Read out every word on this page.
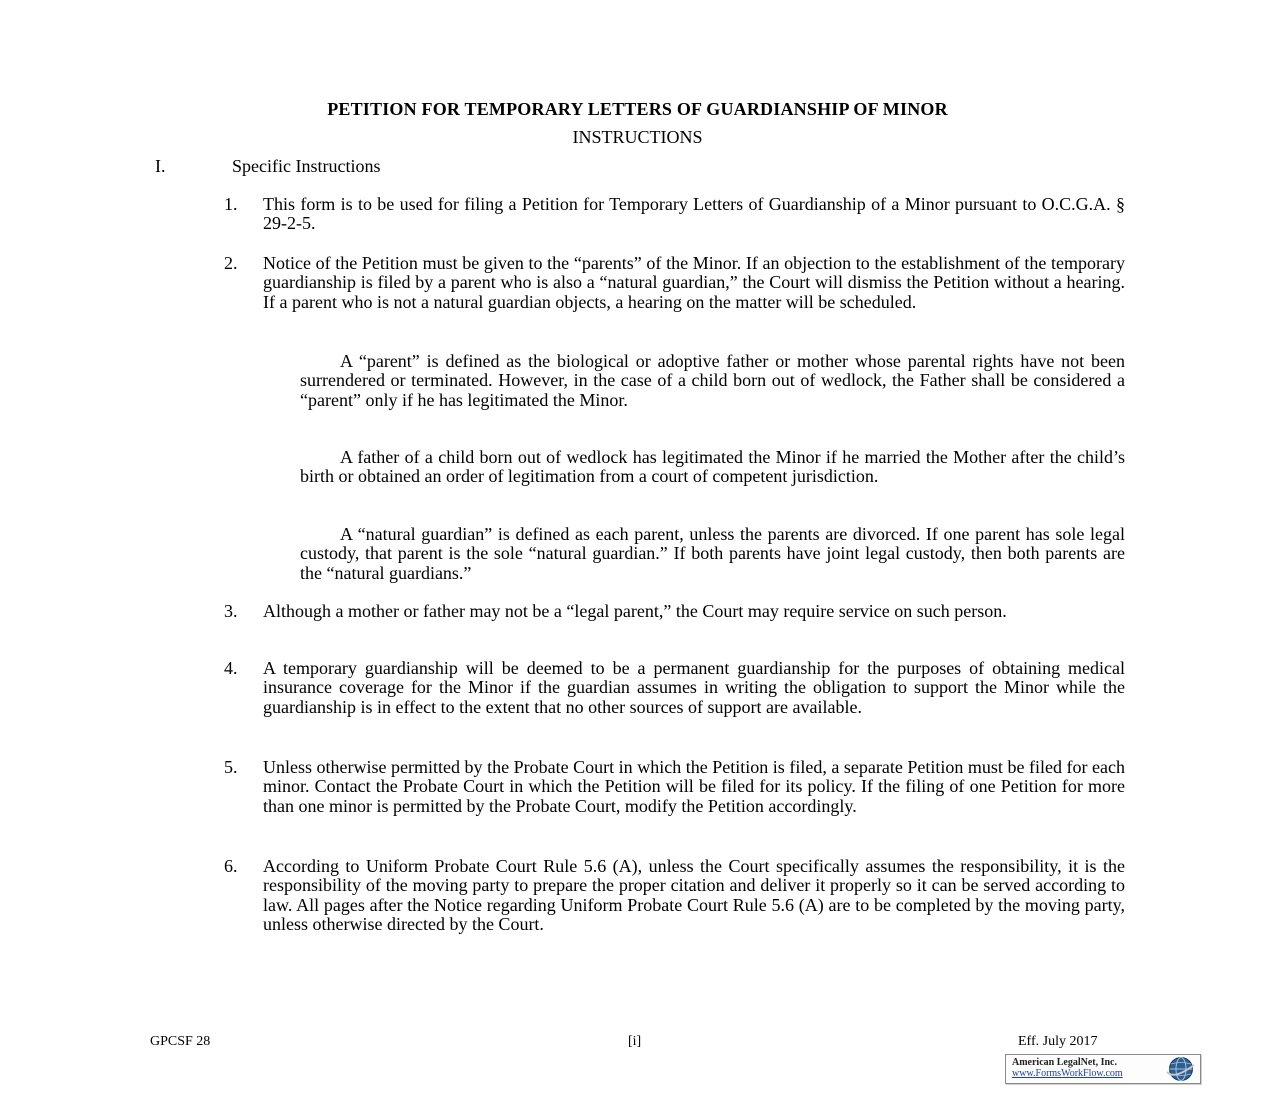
PETITION FOR TEMPORARY LETTERS OF GUARDIANSHIP OF MINOR
INSTRUCTIONS
I.	Specific Instructions
1.	This form is to be used for filing a Petition for Temporary Letters of Guardianship of a Minor pursuant to O.C.G.A. § 29-2-5.
2.	Notice of the Petition must be given to the “parents” of the Minor. If an objection to the establishment of the temporary guardianship is filed by a parent who is also a “natural guardian,” the Court will dismiss the Petition without a hearing. If a parent who is not a natural guardian objects, a hearing on the matter will be scheduled.
A “parent” is defined as the biological or adoptive father or mother whose parental rights have not been surrendered or terminated. However, in the case of a child born out of wedlock, the Father shall be considered a “parent” only if he has legitimated the Minor.
A father of a child born out of wedlock has legitimated the Minor if he married the Mother after the child’s birth or obtained an order of legitimation from a court of competent jurisdiction.
A “natural guardian” is defined as each parent, unless the parents are divorced. If one parent has sole legal custody, that parent is the sole “natural guardian.” If both parents have joint legal custody, then both parents are the “natural guardians.”
3.	Although a mother or father may not be a “legal parent,” the Court may require service on such person.
4.	A temporary guardianship will be deemed to be a permanent guardianship for the purposes of obtaining medical insurance coverage for the Minor if the guardian assumes in writing the obligation to support the Minor while the guardianship is in effect to the extent that no other sources of support are available.
5.	Unless otherwise permitted by the Probate Court in which the Petition is filed, a separate Petition must be filed for each minor. Contact the Probate Court in which the Petition will be filed for its policy. If the filing of one Petition for more than one minor is permitted by the Probate Court, modify the Petition accordingly.
6.	According to Uniform Probate Court Rule 5.6 (A), unless the Court specifically assumes the responsibility, it is the responsibility of the moving party to prepare the proper citation and deliver it properly so it can be served according to law. All pages after the Notice regarding Uniform Probate Court Rule 5.6 (A) are to be completed by the moving party, unless otherwise directed by the Court.
GPCSF 28	[i]	Eff. July 2017
American LegalNet, Inc.
www.FormsWorkFlow.com
